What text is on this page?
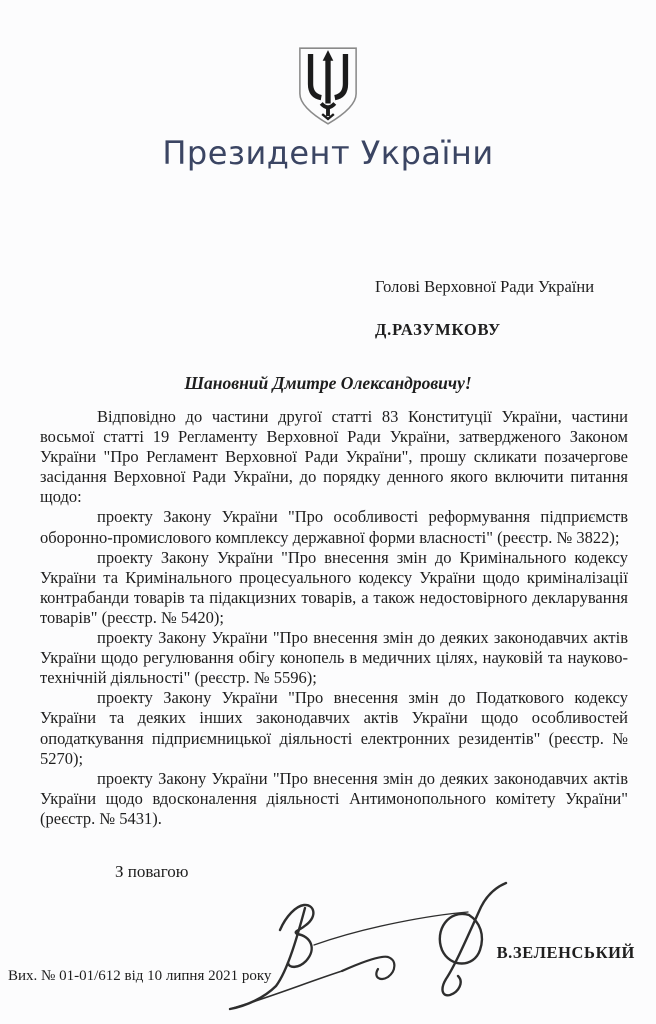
Президент України
Голові Верховної Ради України
Д.РАЗУМКОВУ
Шановний Дмитре Олександровичу!

Відповідно до частини другої статті 83 Конституції України, частини восьмої статті 19 Регламенту Верховної Ради України, затвердженого Законом України "Про Регламент Верховної Ради України", прошу скликати позачергове засідання Верховної Ради України, до порядку денного якого включити питання щодо:

проекту Закону України "Про особливості реформування підприємств оборонно-промислового комплексу державної форми власності" (реєстр. № 3822);

проекту Закону України "Про внесення змін до Кримінального кодексу України та Кримінального процесуального кодексу України щодо криміналізації контрабанди товарів та підакцизних товарів, а також недостовірного декларування товарів" (реєстр. № 5420);

проекту Закону України "Про внесення змін до деяких законодавчих актів України щодо регулювання обігу конопель в медичних цілях, науковій та науково-технічній діяльності" (реєстр. № 5596);

проекту Закону України "Про внесення змін до Податкового кодексу України та деяких інших законодавчих актів України щодо особливостей оподаткування підприємницької діяльності електронних резидентів" (реєстр. № 5270);

проекту Закону України "Про внесення змін до деяких законодавчих актів України щодо вдосконалення діяльності Антимонопольного комітету України" (реєстр. № 5431).

З повагою
В.ЗЕЛЕНСЬКИЙ
Вих. № 01-01/612 від 10 липня 2021 року
